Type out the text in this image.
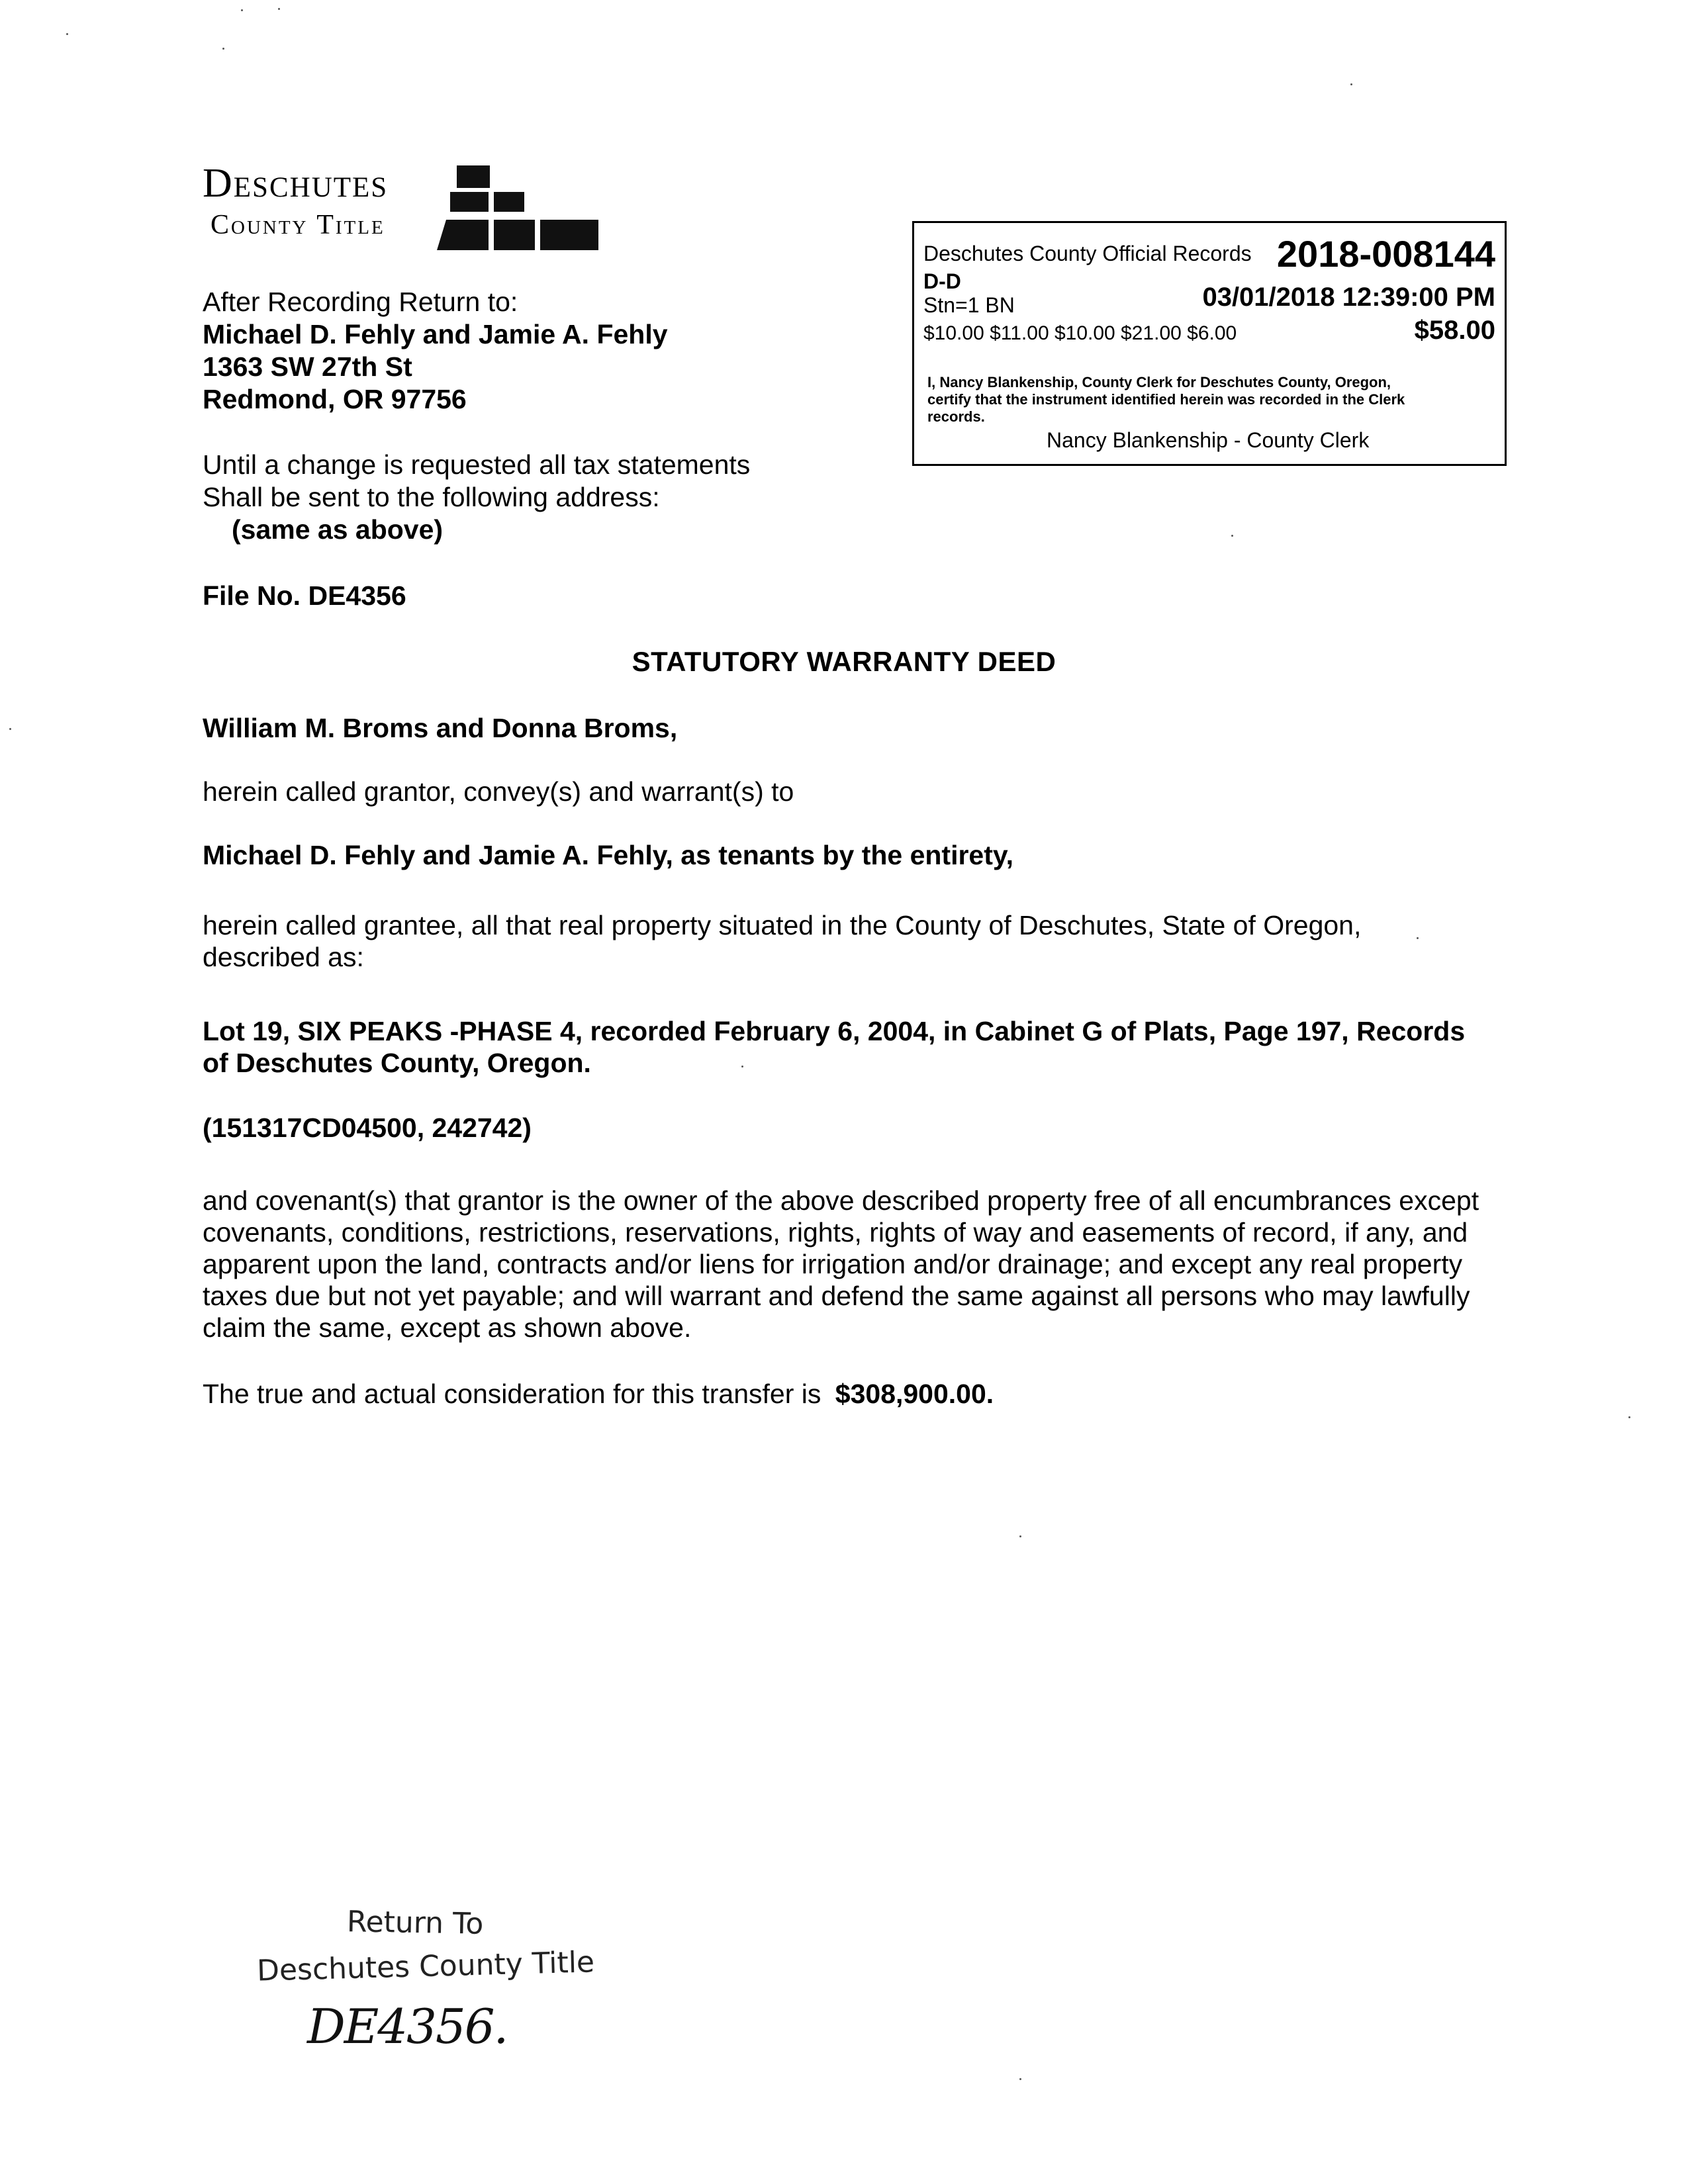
Deschutes
County Title
After Recording Return to:
Michael D. Fehly and Jamie A. Fehly
1363 SW 27th St
Redmond, OR 97756
Until a change is requested all tax statements
Shall be sent to the following address:
(same as above)
File No. DE4356
Deschutes County Official Records 2018-008144
D-D
Stn=1 BN	03/01/2018 12:39:00 PM
$10.00 $11.00 $10.00 $21.00 $6.00	$58.00
I, Nancy Blankenship, County Clerk for Deschutes County, Oregon,
certify that the instrument identified herein was recorded in the Clerk
records.
Nancy Blankenship - County Clerk
STATUTORY WARRANTY DEED
William M. Broms and Donna Broms,
herein called grantor, convey(s) and warrant(s) to
Michael D. Fehly and Jamie A. Fehly, as tenants by the entirety,
herein called grantee, all that real property situated in the County of Deschutes, State of Oregon,
described as:
Lot 19, SIX PEAKS -PHASE 4, recorded February 6, 2004, in Cabinet G of Plats, Page 197, Records
of Deschutes County, Oregon.
(151317CD04500, 242742)
and covenant(s) that grantor is the owner of the above described property free of all encumbrances except
covenants, conditions, restrictions, reservations, rights, rights of way and easements of record, if any, and
apparent upon the land, contracts and/or liens for irrigation and/or drainage; and except any real property
taxes due but not yet payable; and will warrant and defend the same against all persons who may lawfully
claim the same, except as shown above.
The true and actual consideration for this transfer is $308,900.00.
Return To
Deschutes County Title
DE4356.
